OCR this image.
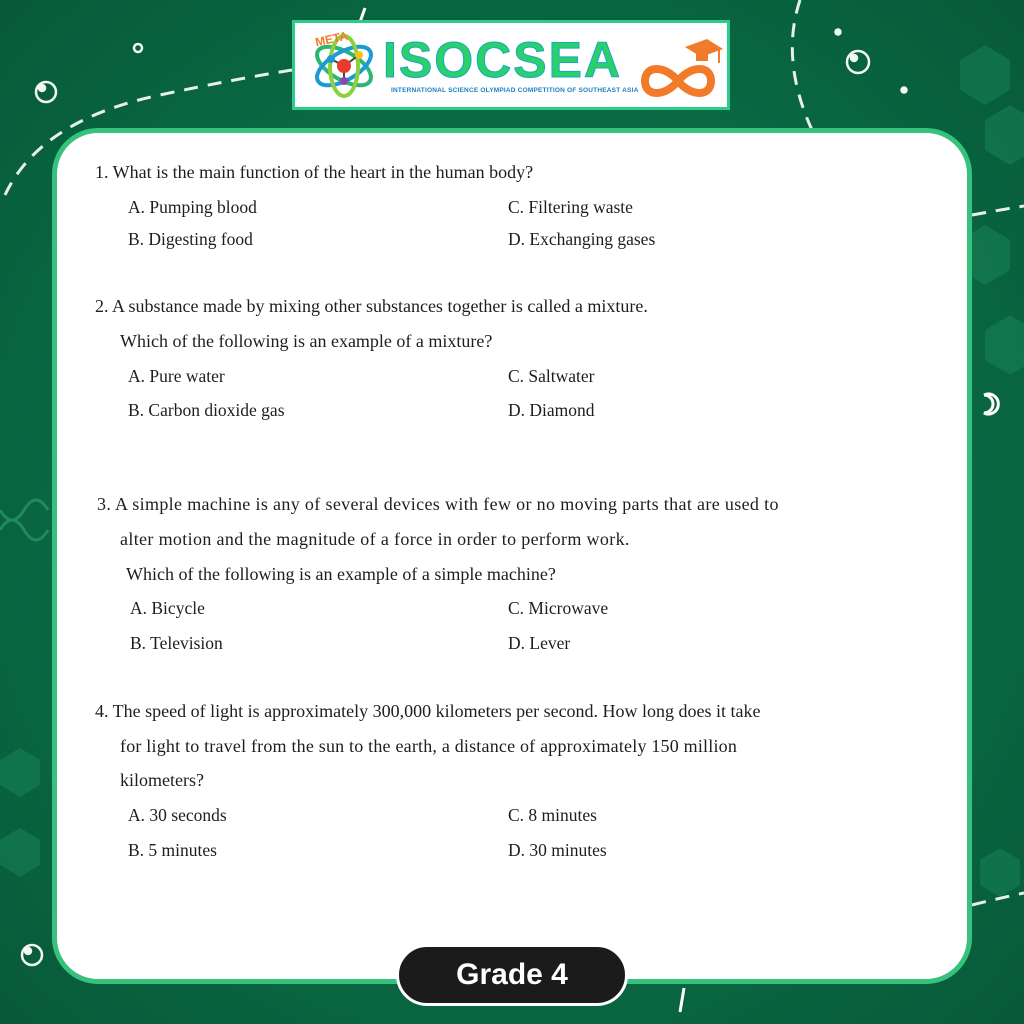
ISOCSEA
INTERNATIONAL SCIENCE OLYMPIAD COMPETITION OF SOUTHEAST ASIA
META
1. What is the main function of the heart in the human body?
A. Pumping blood	C. Filtering waste
B. Digesting food	D. Exchanging gases
2. A substance made by mixing other substances together is called a mixture.
Which of the following is an example of a mixture?
A. Pure water	C. Saltwater
B. Carbon dioxide gas	D. Diamond
3. A simple machine is any of several devices with few or no moving parts that are used to
alter motion and the magnitude of a force in order to perform work.
Which of the following is an example of a simple machine?
A. Bicycle	C. Microwave
B. Television	D. Lever
4. The speed of light is approximately 300,000 kilometers per second. How long does it take
for light to travel from the sun to the earth, a distance of approximately 150 million
kilometers?
A. 30 seconds	C. 8 minutes
B. 5 minutes	D. 30 minutes
Grade 4
